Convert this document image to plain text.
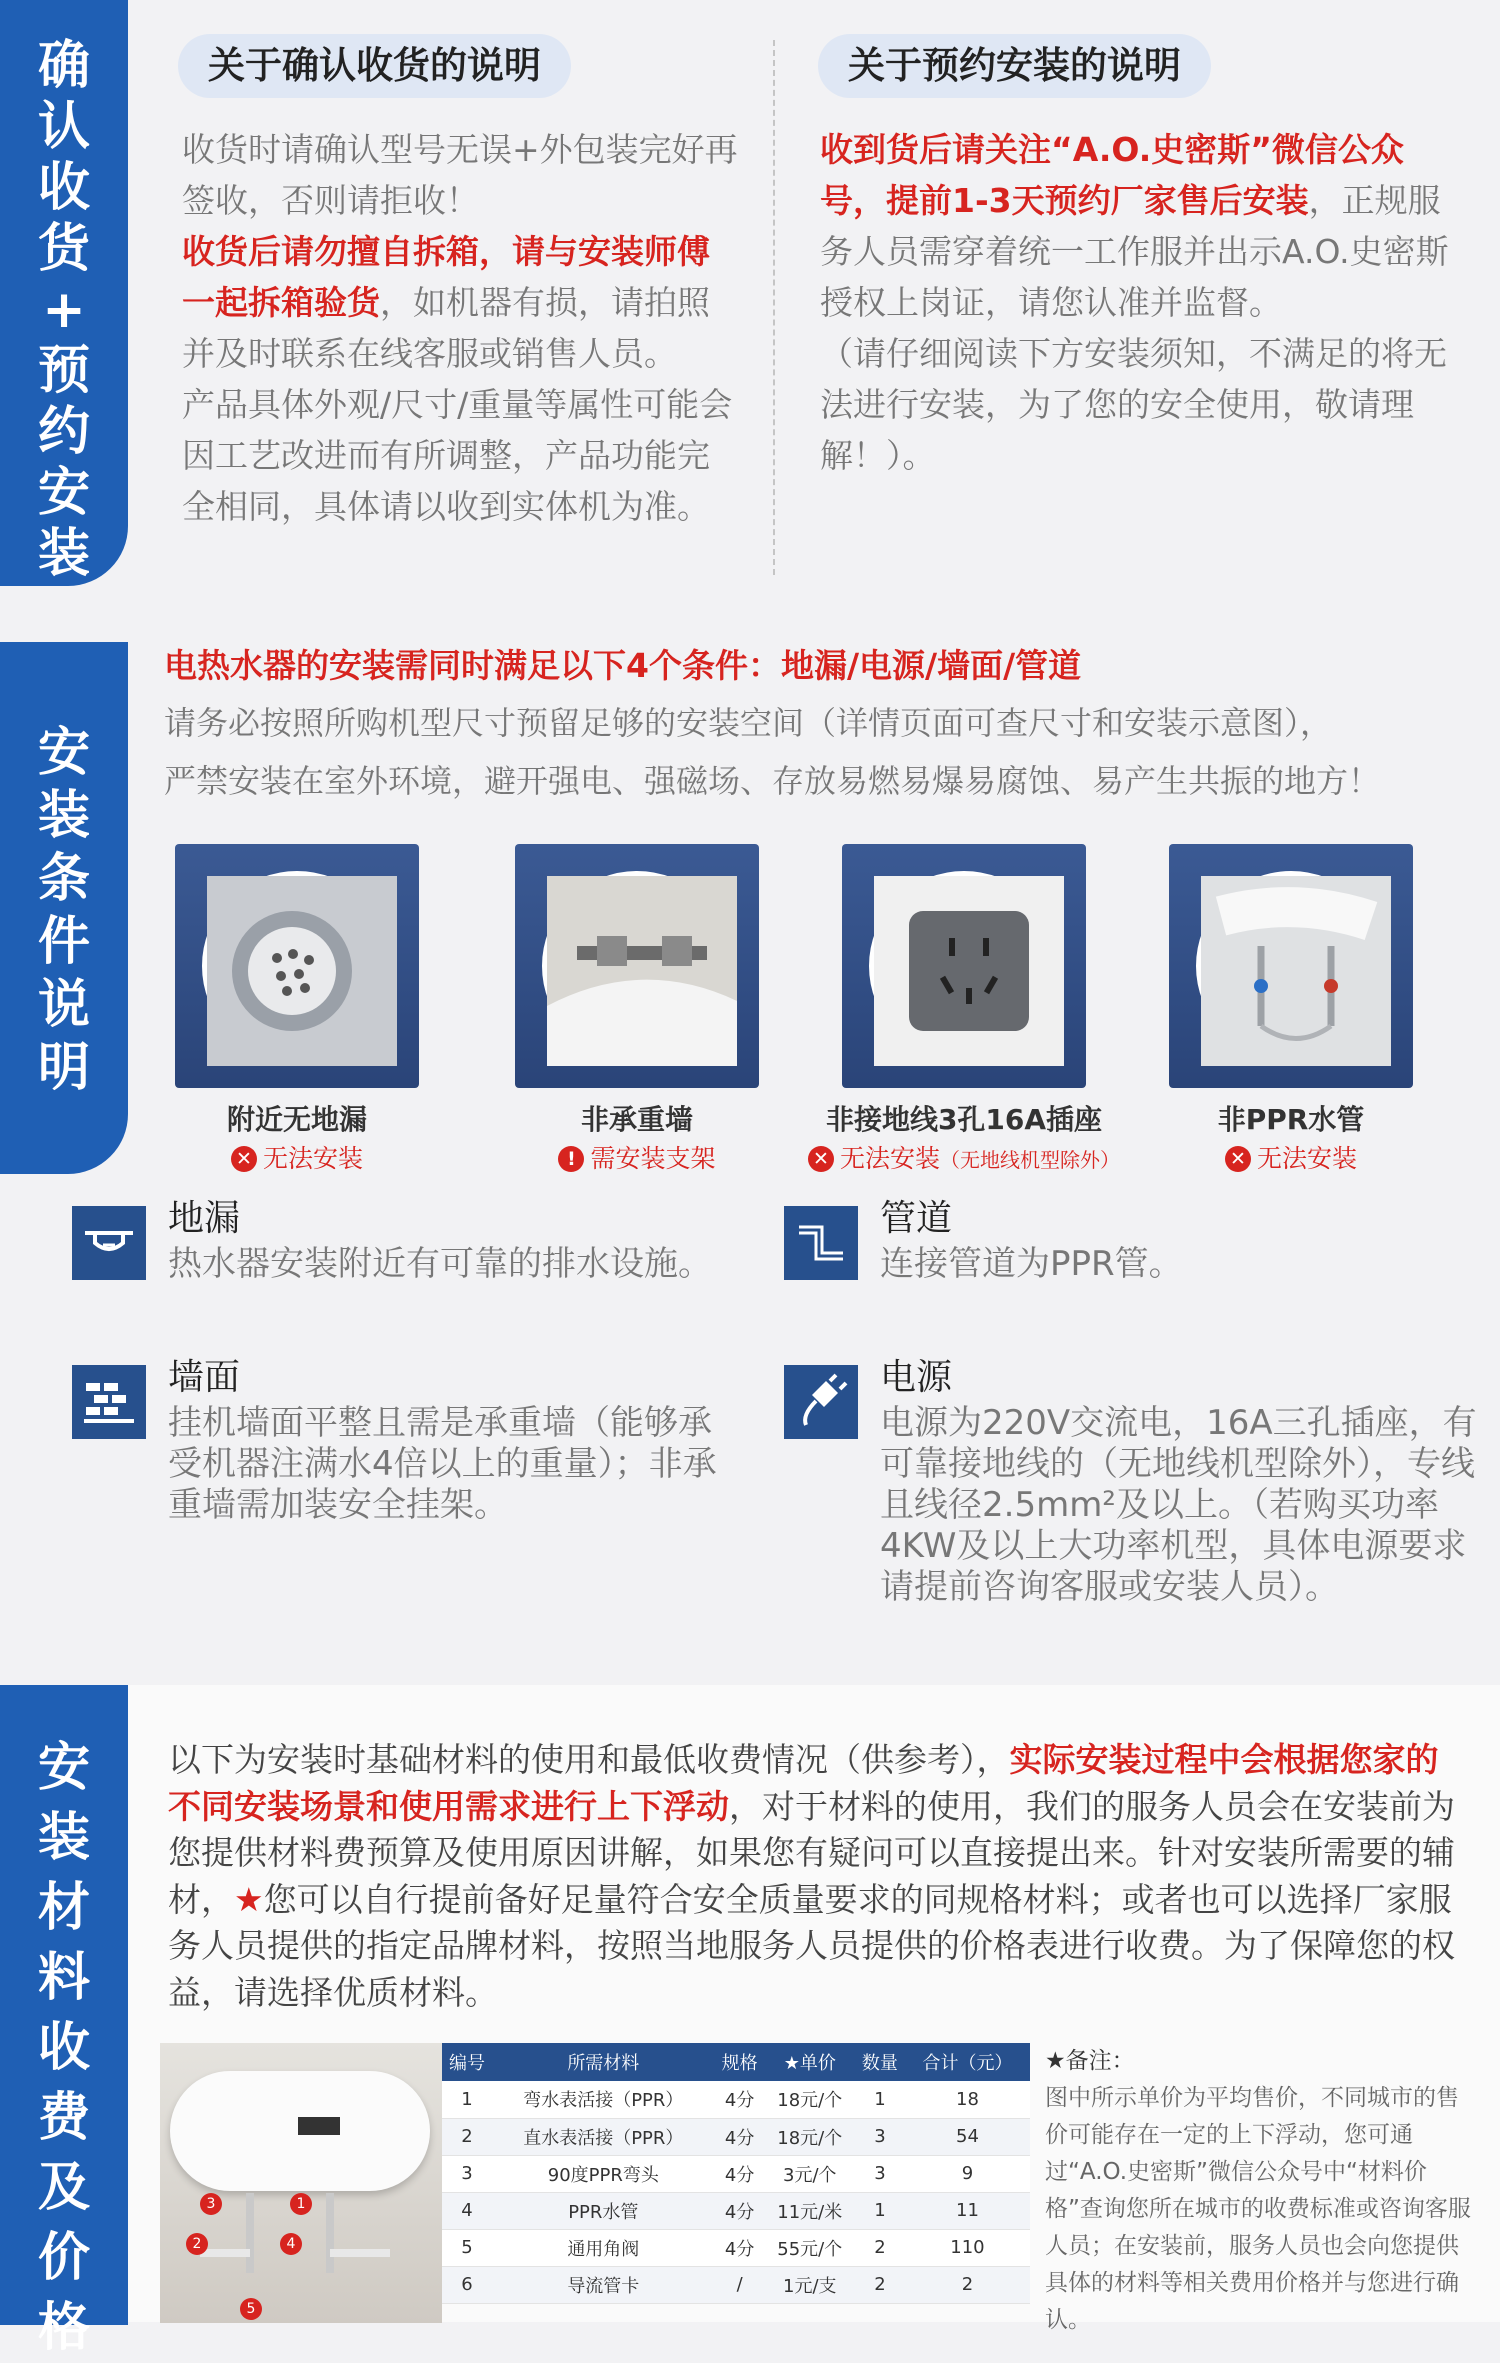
确
认
收
货
+
预
约
安
装
安
装
条
件
说
明
安
装
材
料
收
费
及
价
格
关于确认收货的说明	关于预约安装的说明
收货时请确认型号无误+外包装完好再签收，否则请拒收！
收货后请勿擅自拆箱，请与安装师傅一起拆箱验货，如机器有损，请拍照并及时联系在线客服或销售人员。
产品具体外观/尺寸/重量等属性可能会因工艺改进而有所调整，产品功能完全相同，具体请以收到实体机为准。
收到货后请关注“A.O.史密斯”微信公众号，提前1-3天预约厂家售后安装，正规服务人员需穿着统一工作服并出示A.O.史密斯授权上岗证，请您认准并监督。
（请仔细阅读下方安装须知，不满足的将无法进行安装，为了您的安全使用，敬请理解！）。
电热水器的安装需同时满足以下4个条件：地漏/电源/墙面/管道
请务必按照所购机型尺寸预留足够的安装空间（详情页面可查尺寸和安装示意图），
严禁安装在室外环境，避开强电、强磁场、存放易燃易爆易腐蚀、易产生共振的地方！
附近无地漏
✕ 无法安装
非承重墙
! 需安装支架
非接地线3孔16A插座
✕ 无法安装（无地线机型除外）
非PPR水管
✕ 无法安装
地漏
热水器安装附近有可靠的排水设施。
管道
连接管道为PPR管。
墙面
挂机墙面平整且需是承重墙（能够承受机器注满水4倍以上的重量）；非承重墙需加装安全挂架。
电源
电源为220V交流电，16A三孔插座，有可靠接地线的（无地线机型除外），专线且线径2.5mm²及以上。（若购买功率4KW及以上大功率机型，具体电源要求请提前咨询客服或安装人员）。
以下为安装时基础材料的使用和最低收费情况（供参考），实际安装过程中会根据您家的不同安装场景和使用需求进行上下浮动，对于材料的使用，我们的服务人员会在安装前为您提供材料费预算及使用原因讲解，如果您有疑问可以直接提出来。针对安装所需要的辅材，★您可以自行提前备好足量符合安全质量要求的同规格材料；或者也可以选择厂家服务人员提供的指定品牌材料，按照当地服务人员提供的价格表进行收费。为了保障您的权益，请选择优质材料。
3
2	4
1
5
编号	所需材料	规格	★单价	数量	合计（元）
1	弯水表活接（PPR）	4分	18元/个	1	18
2	直水表活接（PPR）	4分	18元/个	3	54
3	90度PPR弯头	4分	3元/个	3	9
4	PPR水管	4分	11元/米	1	11
5	通用角阀	4分	55元/个	2	110
6	导流管卡	/	1元/支	2	2
★备注：
图中所示单价为平均售价，不同城市的售价可能存在一定的上下浮动，您可通过“A.O.史密斯”微信公众号中“材料价格”查询您所在城市的收费标准或咨询客服人员；在安装前，服务人员也会向您提供具体的材料等相关费用价格并与您进行确认。
